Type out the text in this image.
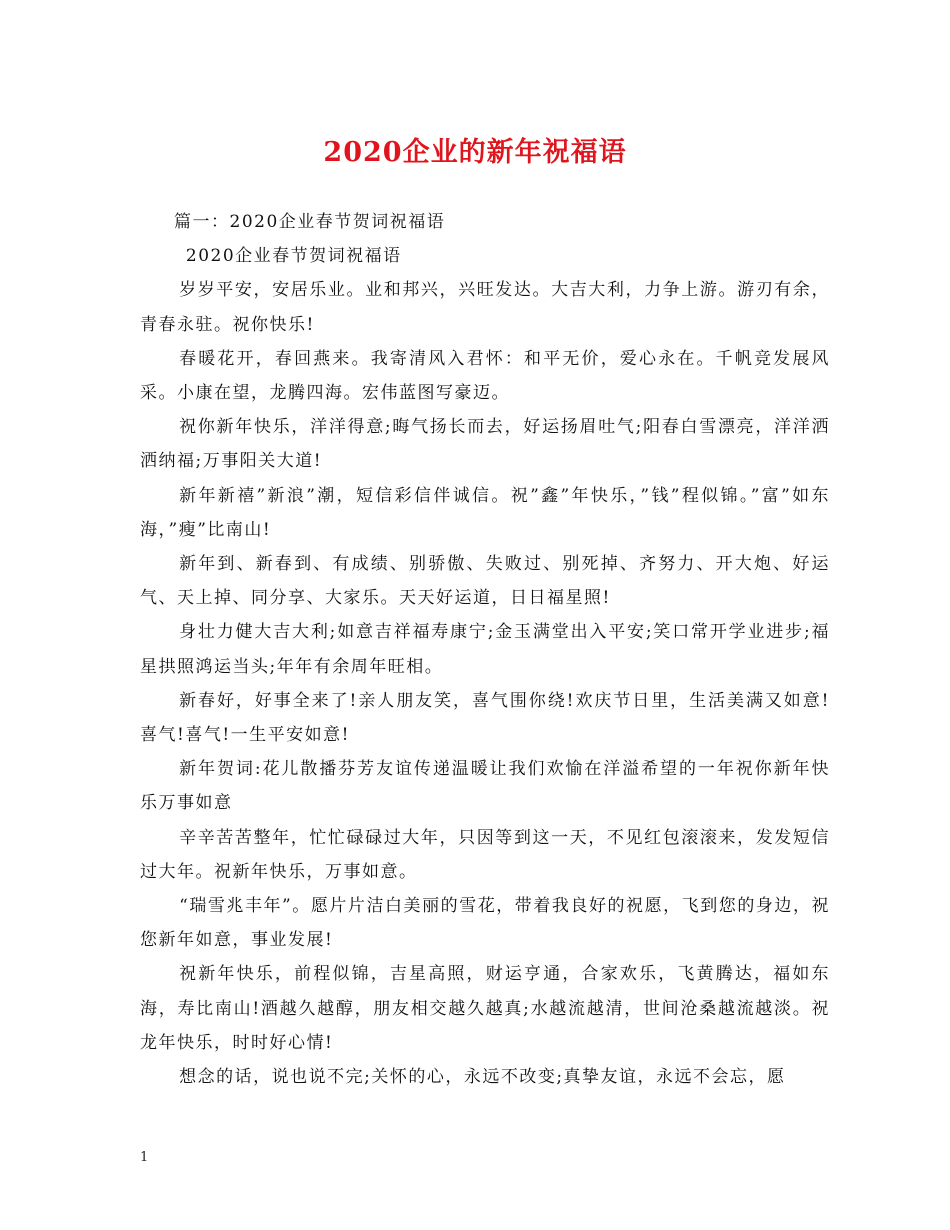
2020企业的新年祝福语

篇一：2020企业春节贺词祝福语

2020企业春节贺词祝福语

岁岁平安，安居乐业。业和邦兴，兴旺发达。大吉大利，力争上游。游刃有余，青春永驻。祝你快乐!

春暖花开，春回燕来。我寄清风入君怀：和平无价，爱心永在。千帆竞发展风采。小康在望，龙腾四海。宏伟蓝图写豪迈。

祝你新年快乐，洋洋得意;晦气扬长而去，好运扬眉吐气;阳春白雪漂亮，洋洋洒洒纳福;万事阳关大道!

新年新禧”新浪”潮，短信彩信伴诚信。祝”鑫”年快乐，”钱”程似锦。”富”如东海，”瘦”比南山!

新年到、新春到、有成绩、别骄傲、失败过、别死掉、齐努力、开大炮、好运气、天上掉、同分享、大家乐。天天好运道，日日福星照!

身壮力健大吉大利;如意吉祥福寿康宁;金玉满堂出入平安;笑口常开学业进步;福星拱照鸿运当头;年年有余周年旺相。

新春好，好事全来了!亲人朋友笑，喜气围你绕!欢庆节日里，生活美满又如意!喜气!喜气!一生平安如意!

新年贺词:花儿散播芬芳友谊传递温暖让我们欢愉在洋溢希望的一年祝你新年快乐万事如意

辛辛苦苦整年，忙忙碌碌过大年，只因等到这一天，不见红包滚滚来，发发短信过大年。祝新年快乐，万事如意。

“瑞雪兆丰年”。愿片片洁白美丽的雪花，带着我良好的祝愿，飞到您的身边，祝您新年如意，事业发展!

祝新年快乐，前程似锦，吉星高照，财运亨通，合家欢乐，飞黄腾达，福如东海，寿比南山!酒越久越醇，朋友相交越久越真;水越流越清，世间沧桑越流越淡。祝龙年快乐，时时好心情!

想念的话，说也说不完;关怀的心，永远不改变;真挚友谊，永远不会忘，愿

1
